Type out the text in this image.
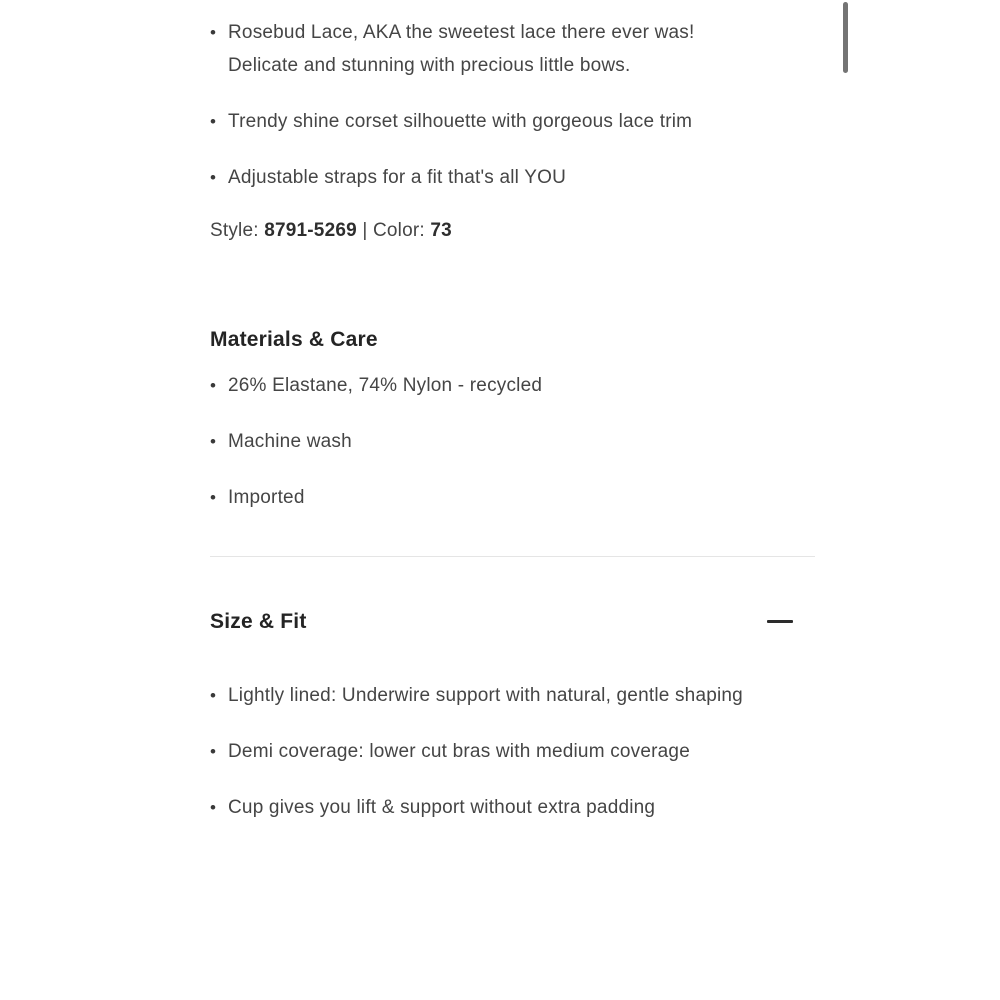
• Rosebud Lace, AKA the sweetest lace there ever was! Delicate and stunning with precious little bows.
• Trendy shine corset silhouette with gorgeous lace trim
• Adjustable straps for a fit that's all YOU

Style: 8791-5269 | Color: 73

Materials & Care
• 26% Elastane, 74% Nylon - recycled
• Machine wash
• Imported
Size & Fit
• Lightly lined: Underwire support with natural, gentle shaping
• Demi coverage: lower cut bras with medium coverage
• Cup gives you lift & support without extra padding
